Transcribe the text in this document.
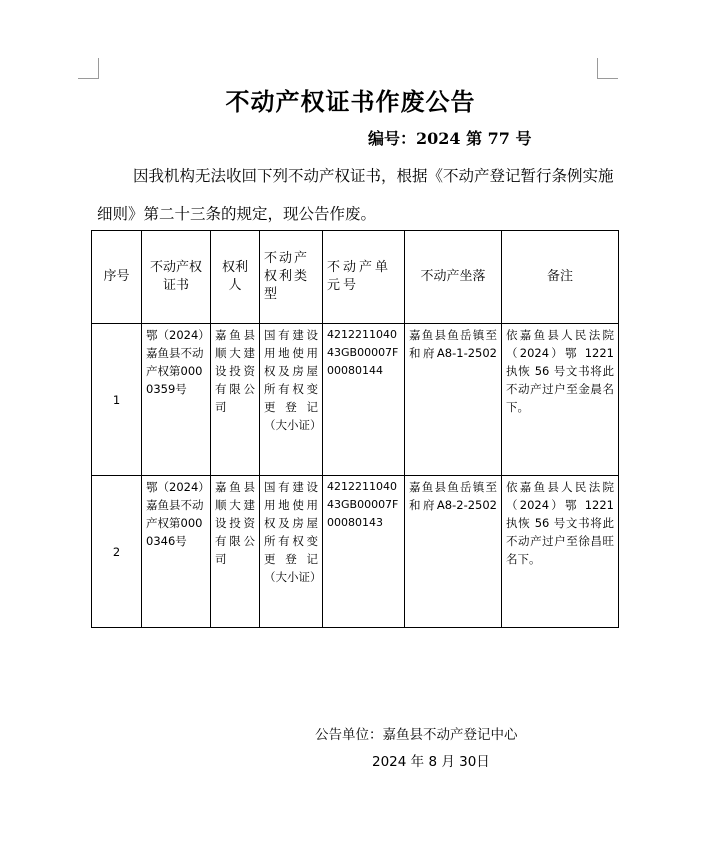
不动产权证书作废公告
编号：2024 第 77 号
因我机构无法收回下列不动产权证书，根据《不动产登记暂行条例实施细则》第二十三条的规定，现公告作废。
序号	不动产权证书	权利人	不动产权利类型	不动产单元号	不动产坐落	备注
1	鄂（2024）嘉鱼县不动产权第0000359号	嘉鱼县顺大建设投资有限公司	国有建设用地使用权及房屋所有权变更登记（大小证）	421221104043GB00007F00080144	嘉鱼县鱼岳镇至和府A8-1-2502	依嘉鱼县人民法院（2024）鄂 1221 执恢 56 号文书将此不动产过户至金晨名下。
2	鄂（2024）嘉鱼县不动产权第0000346号	嘉鱼县顺大建设投资有限公司	国有建设用地使用权及房屋所有权变更登记（大小证）	421221104043GB00007F00080143	嘉鱼县鱼岳镇至和府A8-2-2502	依嘉鱼县人民法院（2024）鄂 1221 执恢 56 号文书将此不动产过户至徐昌旺名下。
公告单位：嘉鱼县不动产登记中心
2024 年 8 月 30日
